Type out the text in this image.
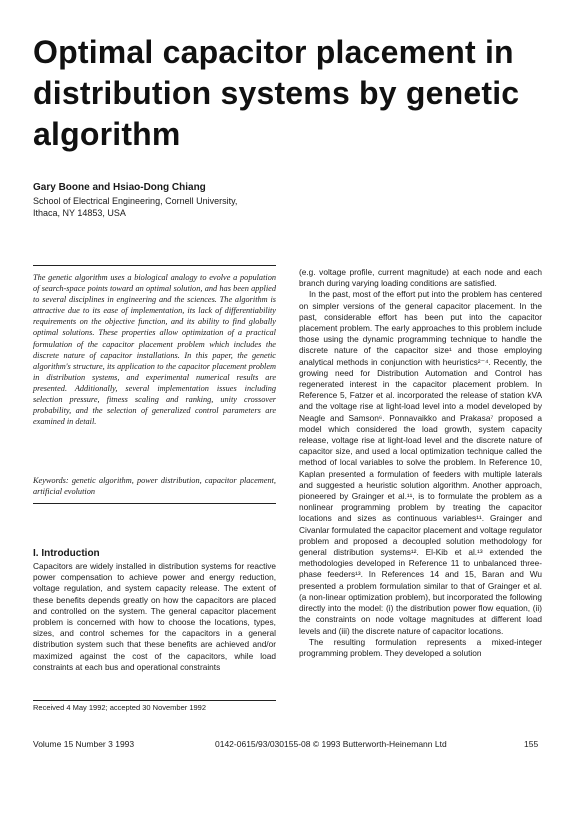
Optimal capacitor placement in distribution systems by genetic algorithm
Gary Boone and Hsiao-Dong Chiang
School of Electrical Engineering, Cornell University,
Ithaca, NY 14853, USA

The genetic algorithm uses a biological analogy to evolve a population of search-space points toward an optimal solution, and has been applied to several disciplines in engineering and the sciences. The algorithm is attractive due to its ease of implementation, its lack of differentiability requirements on the objective function, and its ability to find globally optimal solutions. These properties allow optimization of a practical formulation of the capacitor placement problem which includes the discrete nature of capacitor installations. In this paper, the genetic algorithm's structure, its application to the capacitor placement problem in distribution systems, and experimental numerical results are presented. Additionally, several implementation issues including selection pressure, fitness scaling and ranking, unity crossover probability, and the selection of generalized control parameters are examined in detail.

Keywords: genetic algorithm, power distribution, capacitor placement, artificial evolution

I. Introduction

Capacitors are widely installed in distribution systems for reactive power compensation to achieve power and energy reduction, voltage regulation, and system capacity release. The extent of these benefits depends greatly on how the capacitors are placed and controlled on the system. The general capacitor placement problem is concerned with how to choose the locations, types, sizes, and control schemes for the capacitors in a general distribution system such that these benefits are achieved and/or maximized against the cost of the capacitors, while load constraints at each bus and operational constraints

Received 4 May 1992; accepted 30 November 1992

(e.g. voltage profile, current magnitude) at each node and each branch during varying loading conditions are satisfied.

In the past, most of the effort put into the problem has centered on simpler versions of the general capacitor placement. In the past, considerable effort has been put into the capacitor placement problem. The early approaches to this problem include those using the dynamic programming technique to handle the discrete nature of the capacitor size¹ and those employing analytical methods in conjunction with heuristics²⁻⁴. Recently, the growing need for Distribution Automation and Control has regenerated interest in the capacitor placement problem. In Reference 5, Fatzer et al. incorporated the release of station kVA and the voltage rise at light-load level into a model developed by Neagle and Samson⁶. Ponnavaikko and Prakasa⁷ proposed a model which considered the load growth, system capacity release, voltage rise at light-load level and the discrete nature of capacitor size, and used a local optimization technique called the method of local variables to solve the problem. In Reference 10, Kaplan presented a formulation of feeders with multiple laterals and suggested a heuristic solution algorithm. Another approach, pioneered by Grainger et al.¹¹, is to formulate the problem as a nonlinear programming problem by treating the capacitor locations and sizes as continuous variables¹¹. Grainger and Civanlar formulated the capacitor placement and voltage regulator problem and proposed a decoupled solution methodology for general distribution systems¹². El-Kib et al.¹³ extended the methodologies developed in Reference 11 to unbalanced three-phase feeders¹³. In References 14 and 15, Baran and Wu presented a problem formulation similar to that of Grainger et al. (a non-linear optimization problem), but incorporated the following directly into the model: (i) the distribution power flow equation, (ii) the constraints on node voltage magnitudes at different load levels and (iii) the discrete nature of capacitor locations.

The resulting formulation represents a mixed-integer programming problem. They developed a solution

Volume 15 Number 3 1993	0142-0615/93/030155-08 © 1993 Butterworth-Heinemann Ltd	155
